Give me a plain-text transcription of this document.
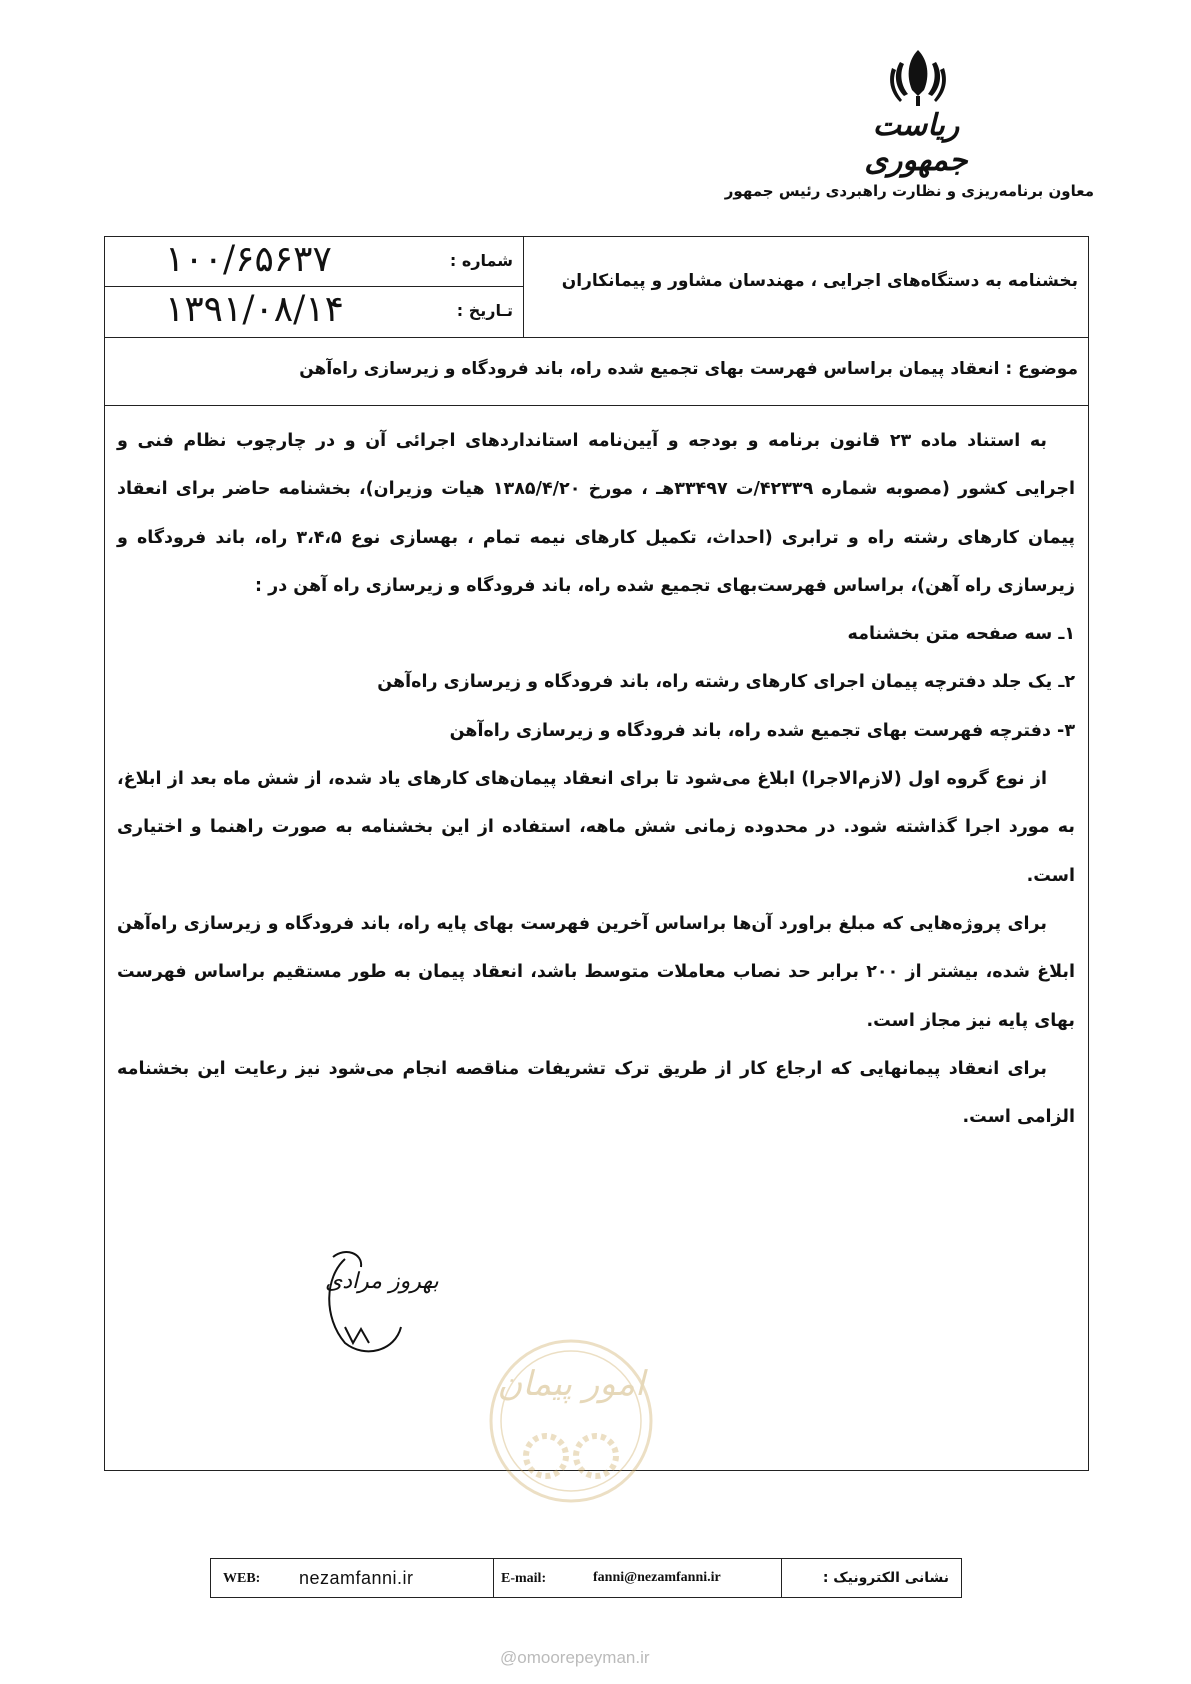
ریاست جمهوری
معاون برنامه‌ریزی و نظارت راهبردی رئیس جمهور
شماره :
۱۰۰/۶۵۶۳۷
تـاریخ :
۱۳۹۱/۰۸/۱۴
بخشنامه به دستگاه‌های اجرایی ، مهندسان مشاور و پیمانکاران
موضوع : انعقاد پیمان براساس فهرست بهای تجمیع شده راه، باند فرودگاه و زیرسازی راه‌آهن

به استناد ماده ۲۳ قانون برنامه و بودجه و آیین‌نامه استانداردهای اجرائی آن و در چارچوب نظام فنی و اجرایی کشور (مصوبه شماره ۴۲۳۳۹/ت ۳۳۴۹۷هـ ، مورخ ۱۳۸۵/۴/۲۰ هیات وزیران)، بخشنامه حاضر برای انعقاد پیمان کارهای رشته راه و ترابری (احداث، تکمیل کارهای نیمه تمام ، بهسازی نوع ۳،۴،۵ راه، باند فرودگاه و زیرسازی راه آهن)، براساس فهرست‌بهای تجمیع شده راه، باند فرودگاه و زیرسازی راه آهن در :

۱ـ سه صفحه متن بخشنامه

۲ـ یک جلد دفترچه پیمان اجرای کارهای رشته راه، باند فرودگاه و زیرسازی راه‌آهن

۳- دفترچه فهرست بهای تجمیع شده راه، باند فرودگاه و زیرسازی راه‌آهن

از نوع گروه اول (لازم‌الاجرا) ابلاغ می‌شود تا برای انعقاد پیمان‌های کارهای یاد شده، از شش ماه بعد از ابلاغ، به مورد اجرا گذاشته شود. در محدوده زمانی شش ماهه، استفاده از این بخشنامه به صورت راهنما و اختیاری است.

برای پروژه‌هایی که مبلغ براورد آن‌ها براساس آخرین فهرست بهای پایه راه، باند فرودگاه و زیرسازی راه‌آهن ابلاغ شده، بیشتر از ۲۰۰ برابر حد نصاب معاملات متوسط باشد، انعقاد پیمان به طور مستقیم براساس فهرست بهای پایه نیز مجاز است.

برای انعقاد پیمانهایی که ارجاع کار از طریق ترک تشریفات مناقصه انجام می‌شود نیز رعایت این بخشنامه الزامی است.

بهروز مرادی
امور پیمان
WEB: nezamfanni.ir	E-mail:	fanni@nezamfanni.ir	نشانی الکترونیک :
@omoorepeyman.ir
